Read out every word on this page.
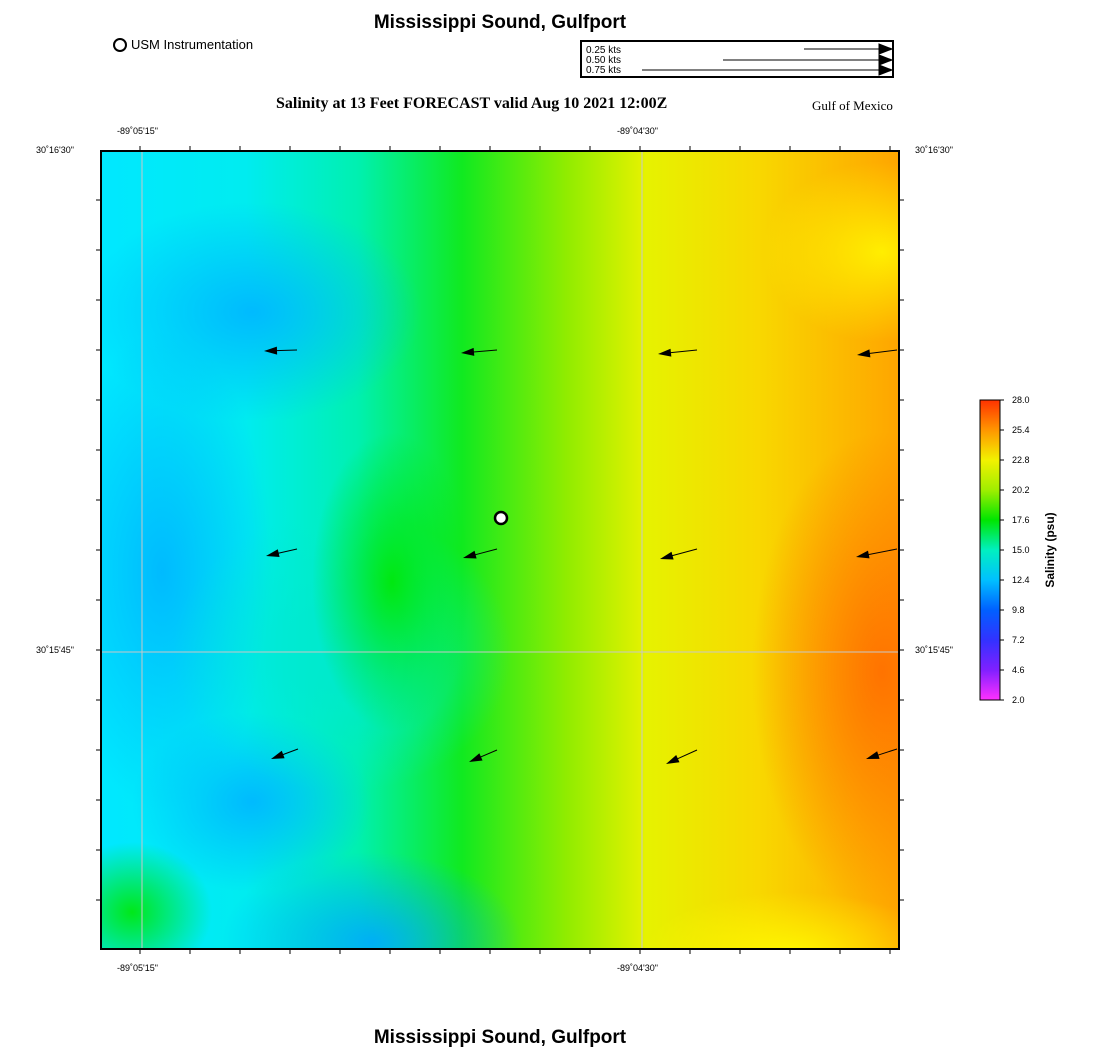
Mississippi Sound, Gulfport
USM Instrumentation	0.25 kts
0.50 kts
0.75 kts
Salinity at 13 Feet FORECAST valid Aug 10 2021 12:00Z	Gulf of Mexico
-89˚05'15"	-89˚04'30"
-89˚05'15"	-89˚04'30"
30˚16'30"
30˚15'45"
30˚16'30"
30˚15'45"
28.0
25.4
22.8
20.2
17.6
15.0
12.4
9.8
7.2
4.6
2.0
Salinity (psu)
Mississippi Sound, Gulfport
